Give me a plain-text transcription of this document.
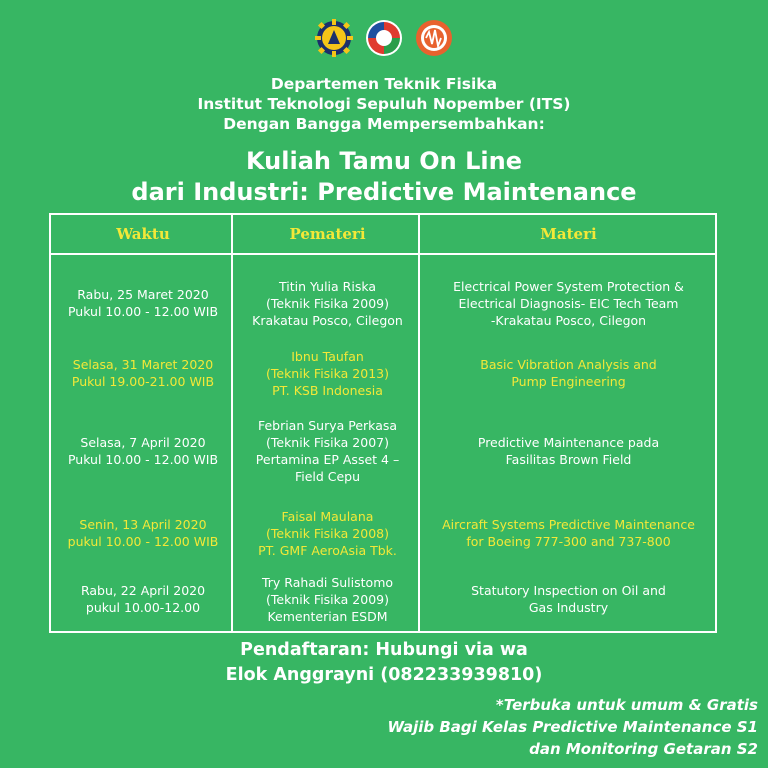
Departemen Teknik Fisika
Institut Teknologi Sepuluh Nopember (ITS)
Dengan Bangga Mempersembahkan:
Kuliah Tamu On Line
dari Industri: Predictive Maintenance
Waktu	Pemateri	Materi
Rabu, 25 Maret 2020
Pukul 10.00 - 12.00 WIB
Titin Yulia Riska
(Teknik Fisika 2009)
Krakatau Posco, Cilegon
Electrical Power System Protection &
Electrical Diagnosis- EIC Tech Team
-Krakatau Posco, Cilegon
Selasa, 31 Maret 2020
Pukul 19.00-21.00 WIB
Ibnu Taufan
(Teknik Fisika 2013)
PT. KSB Indonesia
Basic Vibration Analysis and
Pump Engineering
Selasa, 7 April 2020
Pukul 10.00 - 12.00 WIB
Febrian Surya Perkasa
(Teknik Fisika 2007)
Pertamina EP Asset 4 –
Field Cepu
Predictive Maintenance pada
Fasilitas Brown Field
Senin, 13 April 2020
pukul 10.00 - 12.00 WIB
Faisal Maulana
(Teknik Fisika 2008)
PT. GMF AeroAsia Tbk.
Aircraft Systems Predictive Maintenance
for Boeing 777-300 and 737-800
Rabu, 22 April 2020
pukul 10.00-12.00
Try Rahadi Sulistomo
(Teknik Fisika 2009)
Kementerian ESDM
Statutory Inspection on Oil and
Gas Industry
Pendaftaran: Hubungi via wa
Elok Anggrayni (082233939810)
*Terbuka untuk umum & Gratis
Wajib Bagi Kelas Predictive Maintenance S1
dan Monitoring Getaran S2
